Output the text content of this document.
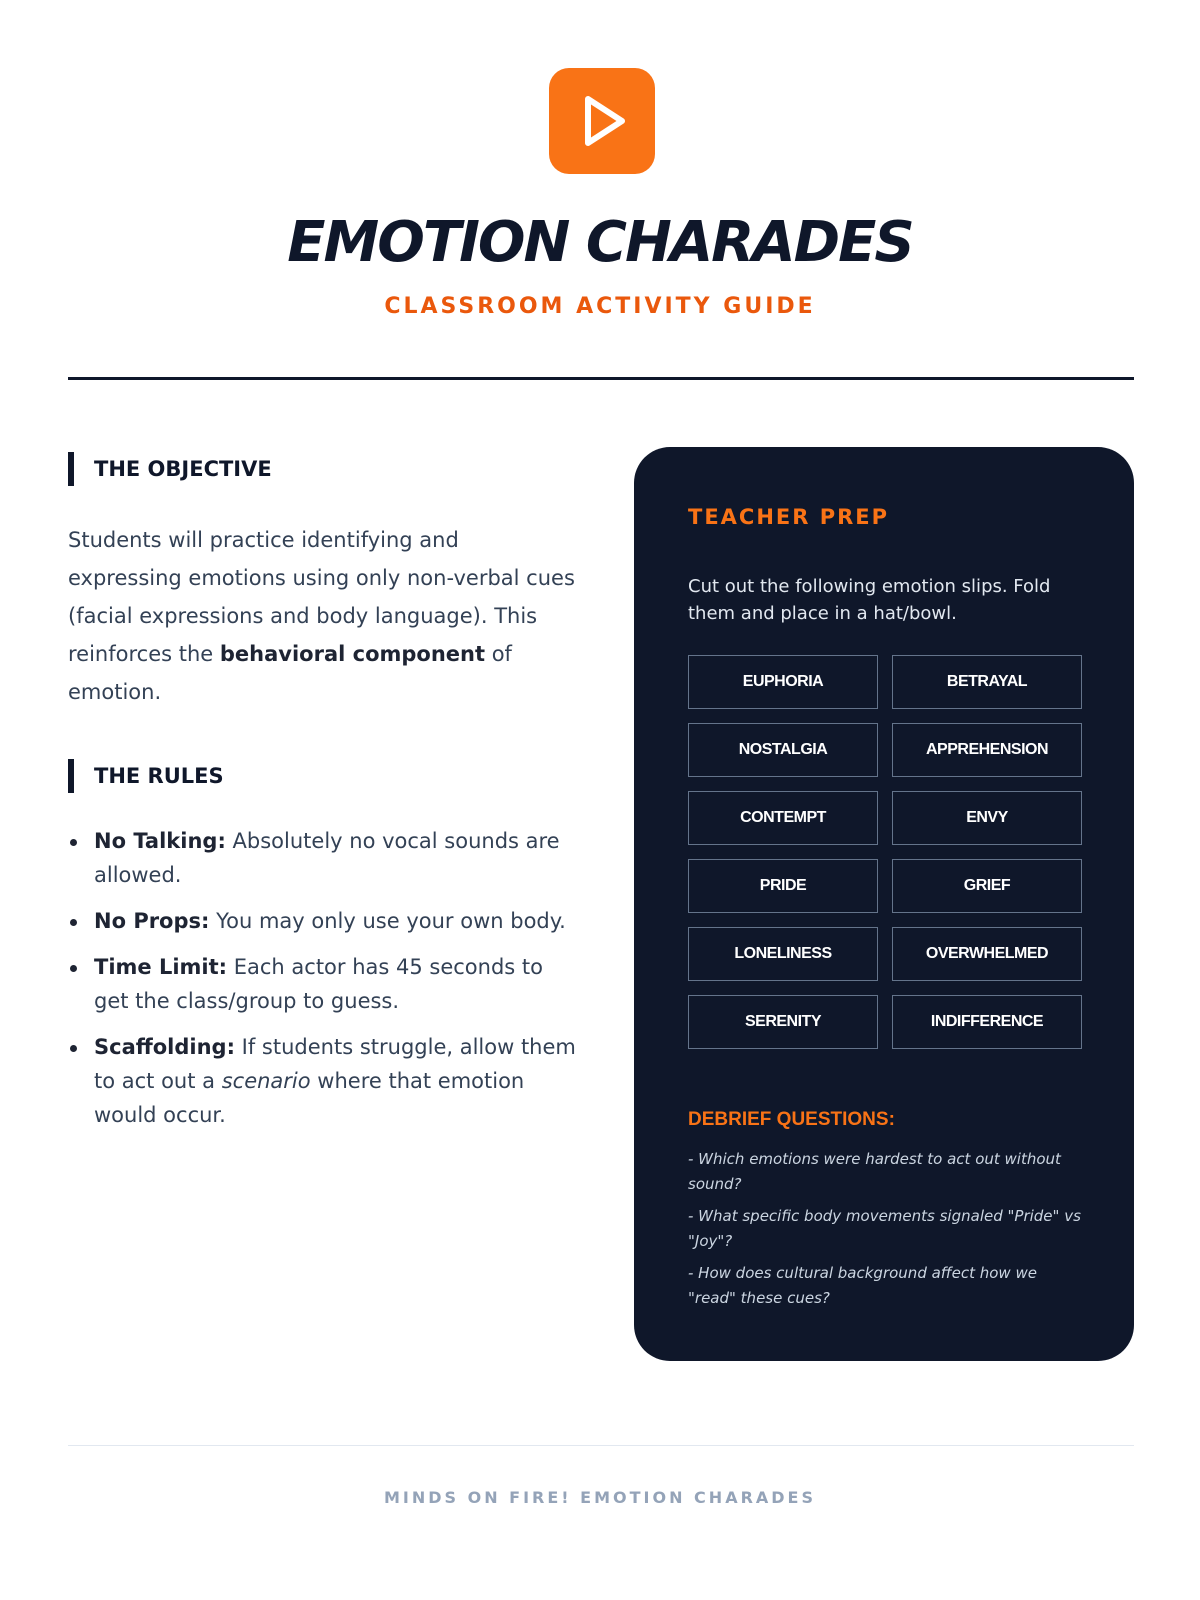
EMOTION CHARADES
CLASSROOM ACTIVITY GUIDE
THE OBJECTIVE

Students will practice identifying and expressing emotions using only non-verbal cues (facial expressions and body language). This reinforces the behavioral component of emotion.

THE RULES
No Talking: Absolutely no vocal sounds are allowed.
No Props: You may only use your own body.
Time Limit: Each actor has 45 seconds to get the class/group to guess.
Scaffolding: If students struggle, allow them to act out a scenario where that emotion would occur.
TEACHER PREP

Cut out the following emotion slips. Fold them and place in a hat/bowl.

EUPHORIA	BETRAYAL
NOSTALGIA	APPREHENSION
CONTEMPT	ENVY
PRIDE	GRIEF
LONELINESS	OVERWHELMED
SERENITY	INDIFFERENCE
DEBRIEF QUESTIONS:

- Which emotions were hardest to act out without sound?

- What specific body movements signaled "Pride" vs "Joy"?

- How does cultural background affect how we "read" these cues?

MINDS ON FIRE! EMOTION CHARADES
